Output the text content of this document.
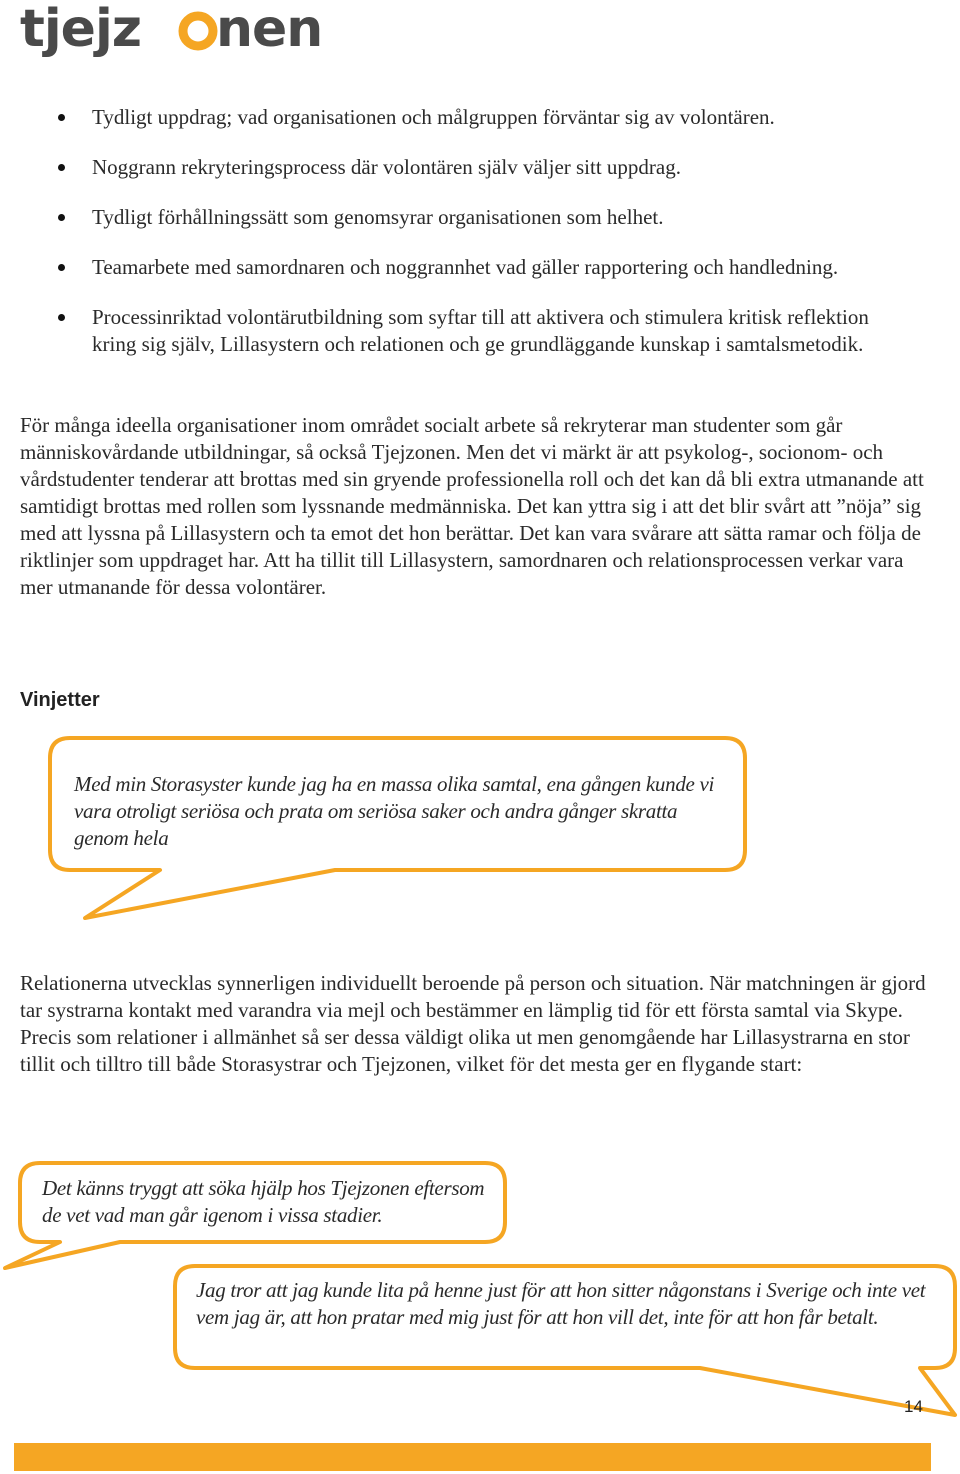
tjejz nen
Tydligt uppdrag; vad organisationen och målgruppen förväntar sig av volontären.
Noggrann rekryteringsprocess där volontären själv väljer sitt uppdrag.
Tydligt förhållningssätt som genomsyrar organisationen som helhet.
Teamarbete med samordnaren och noggrannhet vad gäller rapportering och handledning.
Processinriktad volontärutbildning som syftar till att aktivera och stimulera kritisk reflektion kring sig själv, Lillasystern och relationen och ge grundläggande kunskap i samtalsmetodik.

För många ideella organisationer inom området socialt arbete så rekryterar man studenter som går människovårdande utbildningar, så också Tjejzonen. Men det vi märkt är att psykolog-, socionom- och vårdstudenter tenderar att brottas med sin gryende professionella roll och det kan då bli extra utmanande att samtidigt brottas med rollen som lyssnande medmänniska. Det kan yttra sig i att det blir svårt att ”nöja” sig med att lyssna på Lillasystern och ta emot det hon berättar. Det kan vara svårare att sätta ramar och följa de riktlinjer som uppdraget har. Att ha tillit till Lillasystern, samordnaren och relationsprocessen verkar vara mer utmanande för dessa volontärer.

Vinjetter

Med min Storasyster kunde jag ha en massa olika samtal, ena gången kunde vi vara otroligt seriösa och prata om seriösa saker och andra gånger skratta genom hela

Relationerna utvecklas synnerligen individuellt beroende på person och situation. När matchningen är gjord tar systrarna kontakt med varandra via mejl och bestämmer en lämplig tid för ett första samtal via Skype. Precis som relationer i allmänhet så ser dessa väldigt olika ut men genomgående har Lillasystrarna en stor tillit och tilltro till både Storasystrar och Tjejzonen, vilket för det mesta ger en flygande start:

Det känns tryggt att söka hjälp hos Tjejzonen eftersom de vet vad man går igenom i vissa stadier.

Jag tror att jag kunde lita på henne just för att hon sitter någonstans i Sverige och inte vet vem jag är, att hon pratar med mig just för att hon vill det, inte för att hon får betalt.

14
